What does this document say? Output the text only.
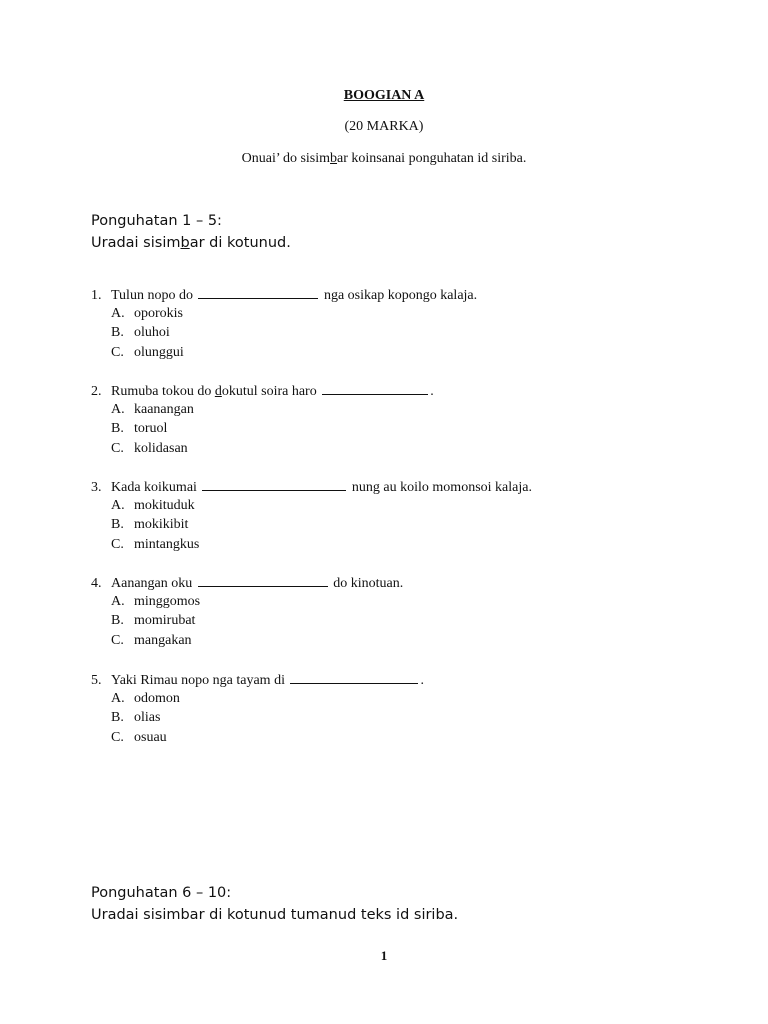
BOOGIAN A
(20 MARKA)
Onuai’ do sisimbar koinsanai ponguhatan id siriba.
Ponguhatan 1 – 5:
Uradai sisimbar di kotunud.
1. Tulun nopo do	nga osikap kopongo kalaja.
A. oporokis
B. oluhoi
C. olunggui
2. Rumuba tokou do dokutul soira haro	.
A. kaanangan
B. toruol
C. kolidasan
3. Kada koikumai	nung au koilo momonsoi kalaja.
A. mokituduk
B. mokikibit
C. mintangkus
4. Aanangan oku	do kinotuan.
A. minggomos
B. momirubat
C. mangakan
5. Yaki Rimau nopo nga tayam di	.
A. odomon
B. olias
C. osuau
Ponguhatan 6 – 10:
Uradai sisimbar di kotunud tumanud teks id siriba.
1
